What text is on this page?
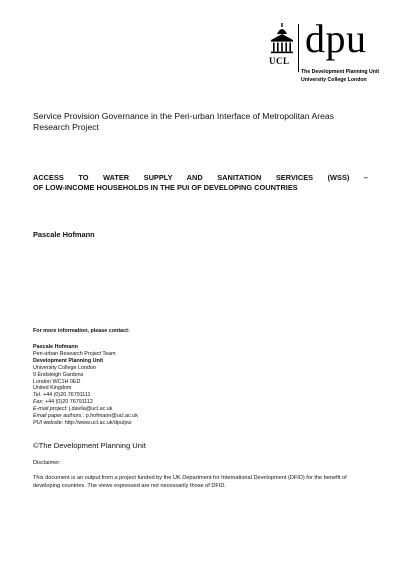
UCL dpu
The Development Planning Unit
University College London
Service Provision Governance in the Peri-urban Interface of Metropolitan Areas Research Project
ACCESS TO WATER SUPPLY AND SANITATION SERVICES (WSS) –
OF LOW-INCOME HOUSEHOLDS IN THE PUI OF DEVELOPING COUNTRIES
Pascale Hofmann
For more information, please contact:
Pascale Hofmann
Peri-urban Research Project Team
Development Planning Unit
University College London
9 Endsleigh Gardens
London WC1H 0ED
United Kingdom
Tel. +44 (0)20 76791111
Fax: +44 (0)20 76791112
E-mail project: j.davila@ucl.ac.uk
Email paper authors.: p.hofmann@ucl.ac.uk
PUI website: http://www.ucl.ac.uk/dpu/pui
©The Development Planning Unit
Disclaimer:
This document is an output from a project funded by the UK Department for International Development (DFID) for the benefit of developing countries. The views expressed are not necessarily those of DFID.
